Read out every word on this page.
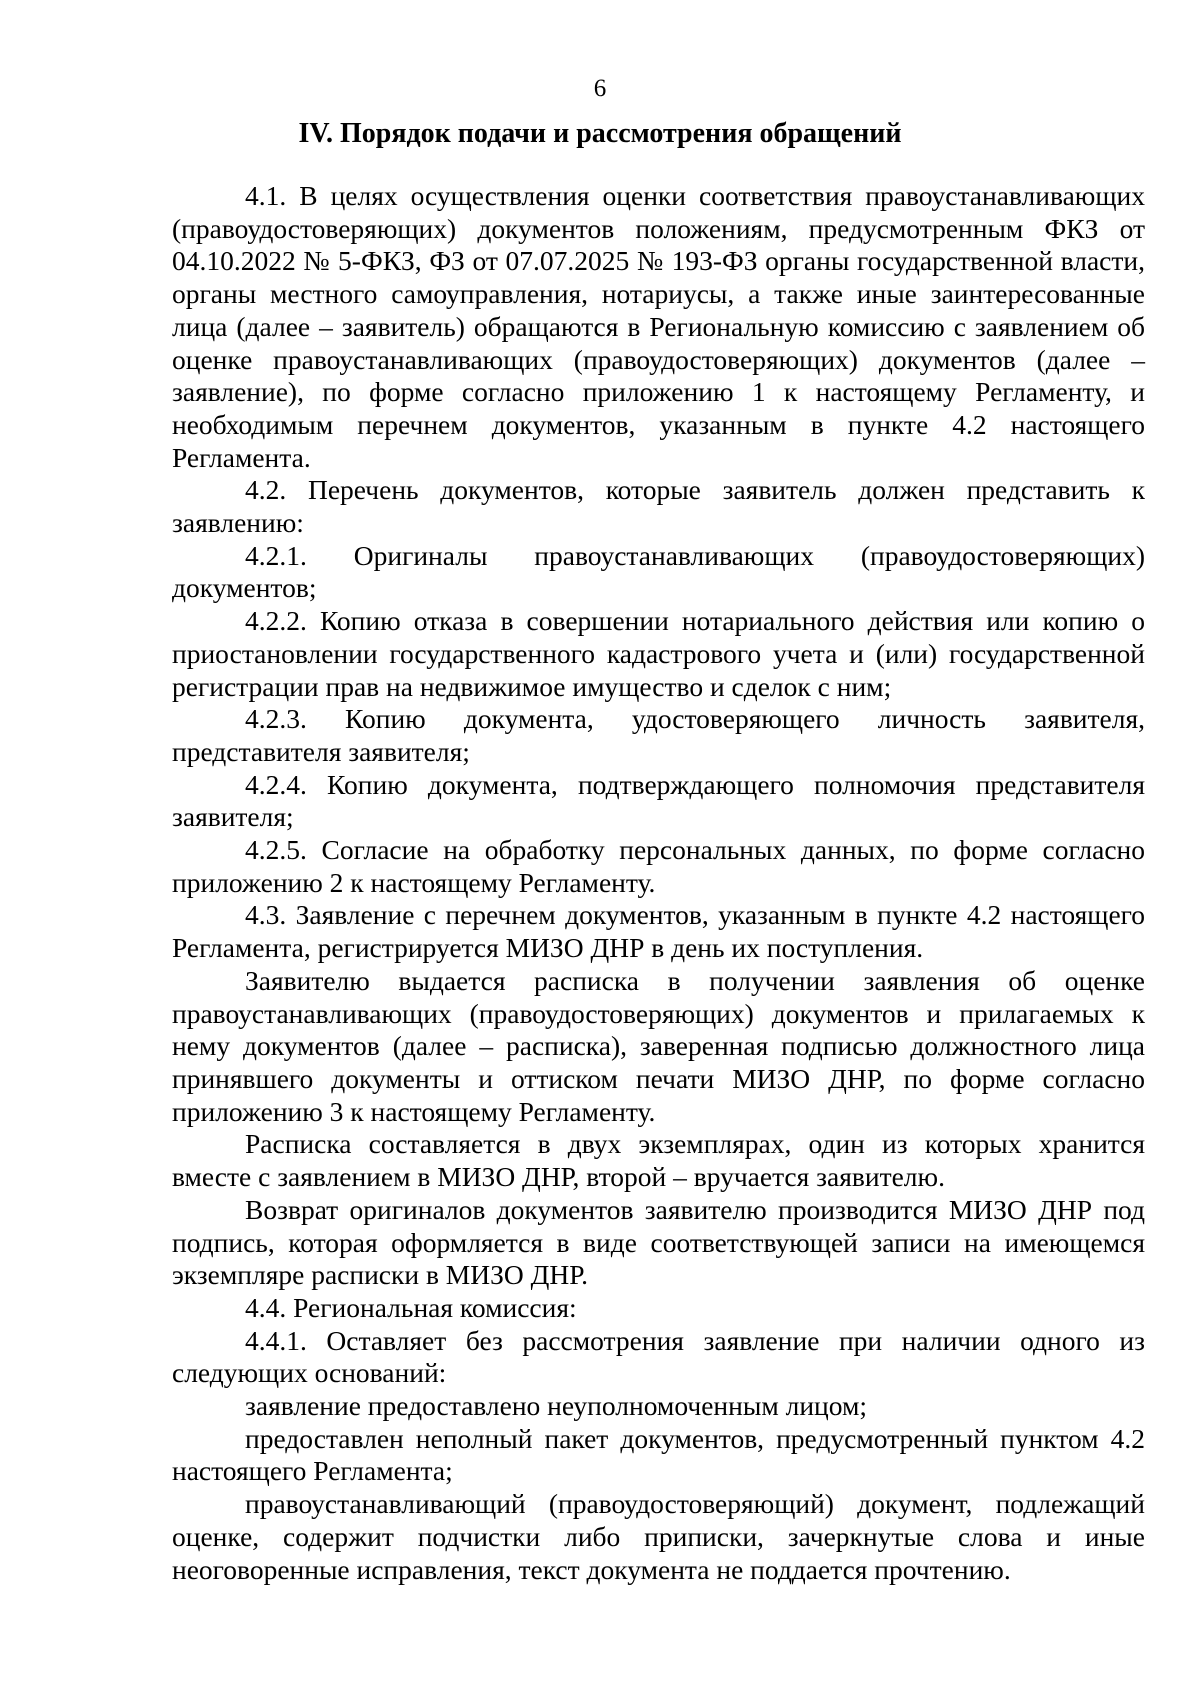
6
IV. Порядок подачи и рассмотрения обращений

4.1. В целях осуществления оценки соответствия правоустанавливающих (правоудостоверяющих) документов положениям, предусмотренным ФКЗ от 04.10.2022 № 5-ФКЗ, ФЗ от 07.07.2025 № 193-ФЗ органы государственной власти, органы местного самоуправления, нотариусы, а также иные заинтересованные лица (далее – заявитель) обращаются в Региональную комиссию с заявлением об оценке правоустанавливающих (правоудостоверяющих) документов (далее – заявление), по форме согласно приложению 1 к настоящему Регламенту, и необходимым перечнем документов, указанным в пункте 4.2 настоящего Регламента.

4.2. Перечень документов, которые заявитель должен представить к заявлению:

4.2.1. Оригиналы правоустанавливающих (правоудостоверяющих) документов;

4.2.2. Копию отказа в совершении нотариального действия или копию о приостановлении государственного кадастрового учета и (или) государственной регистрации прав на недвижимое имущество и сделок с ним;

4.2.3. Копию документа, удостоверяющего личность заявителя, представителя заявителя;

4.2.4. Копию документа, подтверждающего полномочия представителя заявителя;

4.2.5. Согласие на обработку персональных данных, по форме согласно приложению 2 к настоящему Регламенту.

4.3. Заявление с перечнем документов, указанным в пункте 4.2 настоящего Регламента, регистрируется МИЗО ДНР в день их поступления.

Заявителю выдается расписка в получении заявления об оценке правоустанавливающих (правоудостоверяющих) документов и прилагаемых к нему документов (далее – расписка), заверенная подписью должностного лица принявшего документы и оттиском печати МИЗО ДНР, по форме согласно приложению 3 к настоящему Регламенту.

Расписка составляется в двух экземплярах, один из которых хранится вместе с заявлением в МИЗО ДНР, второй – вручается заявителю.

Возврат оригиналов документов заявителю производится МИЗО ДНР под подпись, которая оформляется в виде соответствующей записи на имеющемся экземпляре расписки в МИЗО ДНР.

4.4. Региональная комиссия:

4.4.1. Оставляет без рассмотрения заявление при наличии одного из следующих оснований:

заявление предоставлено неуполномоченным лицом;

предоставлен неполный пакет документов, предусмотренный пунктом 4.2 настоящего Регламента;

правоустанавливающий (правоудостоверяющий) документ, подлежащий оценке, содержит подчистки либо приписки, зачеркнутые слова и иные неоговоренные исправления, текст документа не поддается прочтению.
